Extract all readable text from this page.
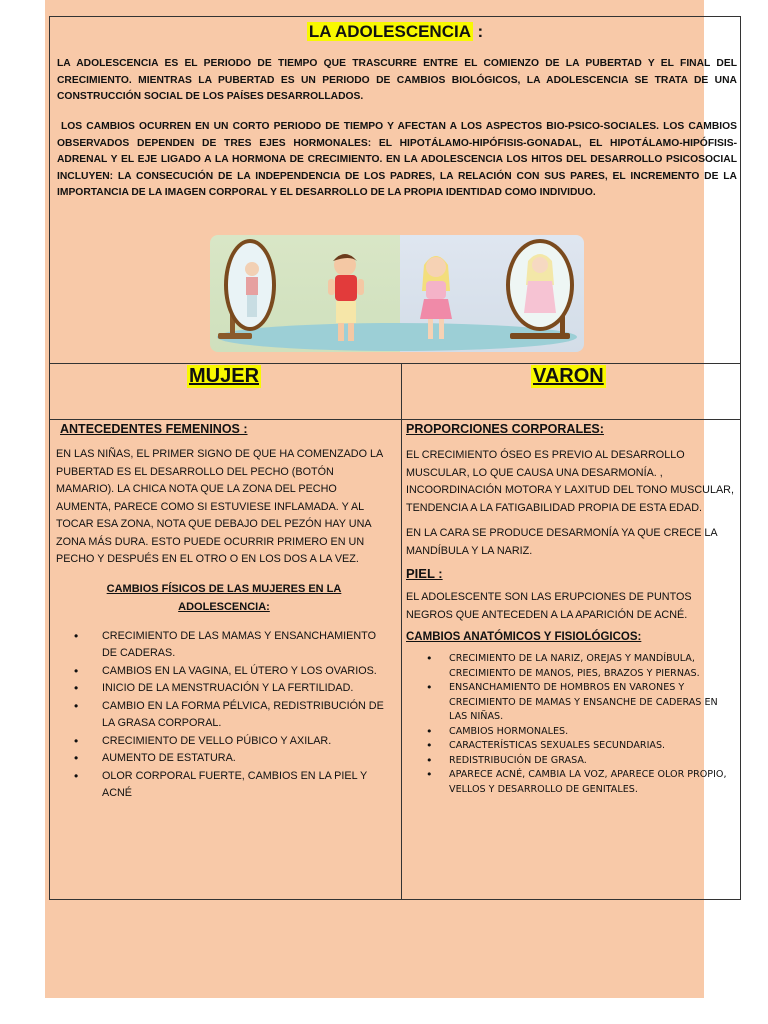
LA ADOLESCENCIA :

LA ADOLESCENCIA ES EL PERIODO DE TIEMPO QUE TRASCURRE ENTRE EL COMIENZO DE LA PUBERTAD Y EL FINAL DEL CRECIMIENTO. MIENTRAS LA PUBERTAD ES UN PERIODO DE CAMBIOS BIOLÓGICOS, LA ADOLESCENCIA SE TRATA DE UNA CONSTRUCCIÓN SOCIAL DE LOS PAÍSES DESARROLLADOS.

LOS CAMBIOS OCURREN EN UN CORTO PERIODO DE TIEMPO Y AFECTAN A LOS ASPECTOS BIO-PSICO-SOCIALES. LOS CAMBIOS OBSERVADOS DEPENDEN DE TRES EJES HORMONALES: EL HIPOTÁLAMO-HIPÓFISIS-GONADAL, EL HIPOTÁLAMO-HIPÓFISIS-ADRENAL Y EL EJE LIGADO A LA HORMONA DE CRECIMIENTO. EN LA ADOLESCENCIA LOS HITOS DEL DESARROLLO PSICOSOCIAL INCLUYEN: LA CONSECUCIÓN DE LA INDEPENDENCIA DE LOS PADRES, LA RELACIÓN CON SUS PARES, EL INCREMENTO DE LA IMPORTANCIA DE LA IMAGEN CORPORAL Y EL DESARROLLO DE LA PROPIA IDENTIDAD COMO INDIVIDUO.

MUJER	VARON

ANTECEDENTES FEMENINOS :

EN LAS NIÑAS, EL PRIMER SIGNO DE QUE HA COMENZADO LA PUBERTAD ES EL DESARROLLO DEL PECHO (BOTÓN MAMARIO). LA CHICA NOTA QUE LA ZONA DEL PECHO AUMENTA, PARECE COMO SI ESTUVIESE INFLAMADA. Y AL TOCAR ESA ZONA, NOTA QUE DEBAJO DEL PEZÓN HAY UNA ZONA MÁS DURA. ESTO PUEDE OCURRIR PRIMERO EN UN PECHO Y DESPUÉS EN EL OTRO O EN LOS DOS A LA VEZ.

CAMBIOS FÍSICOS DE LAS MUJERES EN LA ADOLESCENCIA:

• CRECIMIENTO DE LAS MAMAS Y ENSANCHAMIENTO DE CADERAS.
• CAMBIOS EN LA VAGINA, EL ÚTERO Y LOS OVARIOS.
• INICIO DE LA MENSTRUACIÓN Y LA FERTILIDAD.
• CAMBIO EN LA FORMA PÉLVICA, REDISTRIBUCIÓN DE LA GRASA CORPORAL.
• CRECIMIENTO DE VELLO PÚBICO Y AXILAR.
• AUMENTO DE ESTATURA.
• OLOR CORPORAL FUERTE, CAMBIOS EN LA PIEL Y ACNÉ

PROPORCIONES CORPORALES:

EL CRECIMIENTO ÓSEO ES PREVIO AL DESARROLLO MUSCULAR, LO QUE CAUSA UNA DESARMONÍA. , INCOORDINACIÓN MOTORA Y LAXITUD DEL TONO MUSCULAR, TENDENCIA A LA FATIGABILIDAD PROPIA DE ESTA EDAD.

EN LA CARA SE PRODUCE DESARMONÍA YA QUE CRECE LA MANDÍBULA Y LA NARIZ.

PIEL :

EL ADOLESCENTE SON LAS ERUPCIONES DE PUNTOS NEGROS QUE ANTECEDEN A LA APARICIÓN DE ACNÉ.

CAMBIOS ANATÓMICOS Y FISIOLÓGICOS:

• CRECIMIENTO DE LA NARIZ, OREJAS Y MANDÍBULA, CRECIMIENTO DE MANOS, PIES, BRAZOS Y PIERNAS.
• ENSANCHAMIENTO DE HOMBROS EN VARONES Y CRECIMIENTO DE MAMAS Y ENSANCHE DE CADERAS EN LAS NIÑAS.
• CAMBIOS HORMONALES.
• CARACTERÍSTICAS SEXUALES SECUNDARIAS.
• REDISTRIBUCIÓN DE GRASA.
• APARECE ACNÉ, CAMBIA LA VOZ, APARECE OLOR PROPIO, VELLOS Y DESARROLLO DE GENITALES.
